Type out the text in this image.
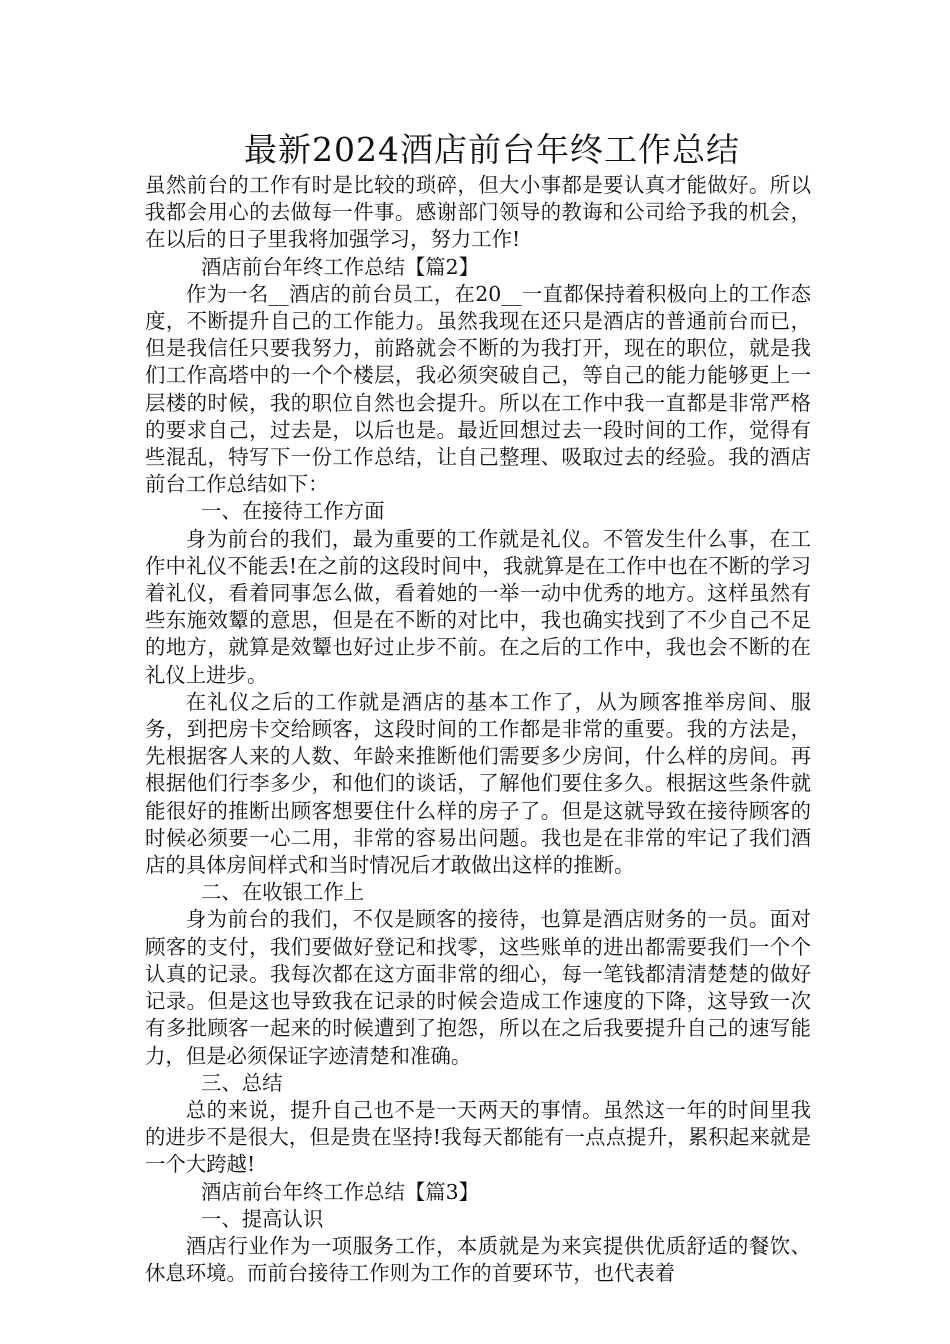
最新2024酒店前台年终工作总结

虽然前台的工作有时是比较的琐碎，但大小事都是要认真才能做好。所以我都会用心的去做每一件事。感谢部门领导的教诲和公司给予我的机会，在以后的日子里我将加强学习，努力工作!

酒店前台年终工作总结【篇2】

作为一名__酒店的前台员工，在20__一直都保持着积极向上的工作态度，不断提升自己的工作能力。虽然我现在还只是酒店的普通前台而已，但是我信任只要我努力，前路就会不断的为我打开，现在的职位，就是我们工作高塔中的一个个楼层，我必须突破自己，等自己的能力能够更上一层楼的时候，我的职位自然也会提升。所以在工作中我一直都是非常严格的要求自己，过去是，以后也是。最近回想过去一段时间的工作，觉得有些混乱，特写下一份工作总结，让自己整理、吸取过去的经验。我的酒店前台工作总结如下：

一、在接待工作方面

身为前台的我们，最为重要的工作就是礼仪。不管发生什么事，在工作中礼仪不能丢!在之前的这段时间中，我就算是在工作中也在不断的学习着礼仪，看着同事怎么做，看着她的一举一动中优秀的地方。这样虽然有些东施效颦的意思，但是在不断的对比中，我也确实找到了不少自己不足的地方，就算是效颦也好过止步不前。在之后的工作中，我也会不断的在礼仪上进步。

在礼仪之后的工作就是酒店的基本工作了，从为顾客推举房间、服务，到把房卡交给顾客，这段时间的工作都是非常的重要。我的方法是，先根据客人来的人数、年龄来推断他们需要多少房间，什么样的房间。再根据他们行李多少，和他们的谈话，了解他们要住多久。根据这些条件就能很好的推断出顾客想要住什么样的房子了。但是这就导致在接待顾客的时候必须要一心二用，非常的容易出问题。我也是在非常的牢记了我们酒店的具体房间样式和当时情况后才敢做出这样的推断。

二、在收银工作上

身为前台的我们，不仅是顾客的接待，也算是酒店财务的一员。面对顾客的支付，我们要做好登记和找零，这些账单的进出都需要我们一个个认真的记录。我每次都在这方面非常的细心，每一笔钱都清清楚楚的做好记录。但是这也导致我在记录的时候会造成工作速度的下降，这导致一次有多批顾客一起来的时候遭到了抱怨，所以在之后我要提升自己的速写能力，但是必须保证字迹清楚和准确。

三、总结

总的来说，提升自己也不是一天两天的事情。虽然这一年的时间里我的进步不是很大，但是贵在坚持!我每天都能有一点点提升，累积起来就是一个大跨越!

酒店前台年终工作总结【篇3】

一、提高认识

酒店行业作为一项服务工作，本质就是为来宾提供优质舒适的餐饮、休息环境。而前台接待工作则为工作的首要环节，也代表着
